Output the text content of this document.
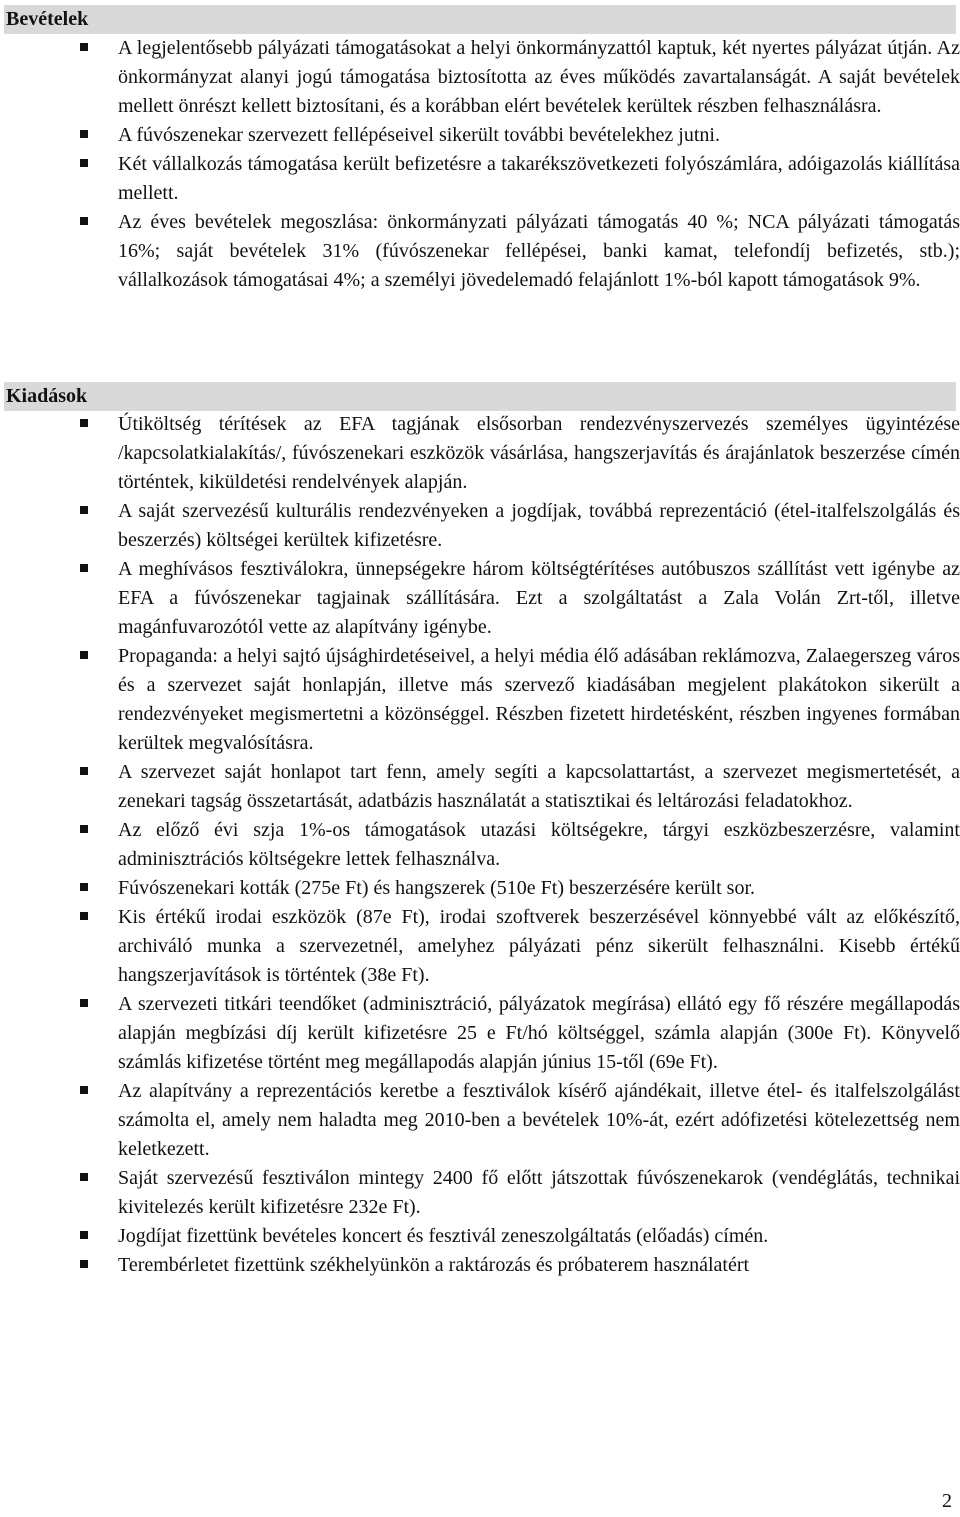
Bevételek
A legjelentősebb pályázati támogatásokat a helyi önkormányzattól kaptuk, két nyertes pályázat útján. Az önkormányzat alanyi jogú támogatása biztosította az éves működés zavartalanságát. A saját bevételek mellett önrészt kellett biztosítani, és a korábban elért bevételek kerültek részben felhasználásra.
A fúvószenekar szervezett fellépéseivel sikerült további bevételekhez jutni.
Két vállalkozás támogatása került befizetésre a takarékszövetkezeti folyószámlára, adóigazolás kiállítása mellett.
Az éves bevételek megoszlása: önkormányzati pályázati támogatás 40 %; NCA pályázati támogatás 16%; saját bevételek 31% (fúvószenekar fellépései, banki kamat, telefondíj befizetés, stb.); vállalkozások támogatásai 4%; a személyi jövedelemadó felajánlott 1%-ból kapott támogatások 9%.
Kiadások
Útiköltség térítések az EFA tagjának elsősorban rendezvényszervezés személyes ügyintézése /kapcsolatkialakítás/, fúvószenekari eszközök vásárlása, hangszerjavítás és árajánlatok beszerzése címén történtek, kiküldetési rendelvények alapján.
A saját szervezésű kulturális rendezvényeken a jogdíjak, továbbá reprezentáció (étel-italfelszolgálás és beszerzés) költségei kerültek kifizetésre.
A meghívásos fesztiválokra, ünnepségekre három költségtérítéses autóbuszos szállítást vett igénybe az EFA a fúvószenekar tagjainak szállítására. Ezt a szolgáltatást a Zala Volán Zrt-től, illetve magánfuvarozótól vette az alapítvány igénybe.
Propaganda: a helyi sajtó újsághirdetéseivel, a helyi média élő adásában reklámozva, Zalaegerszeg város és a szervezet saját honlapján, illetve más szervező kiadásában megjelent plakátokon sikerült a rendezvényeket megismertetni a közönséggel. Részben fizetett hirdetésként, részben ingyenes formában kerültek megvalósításra.
A szervezet saját honlapot tart fenn, amely segíti a kapcsolattartást, a szervezet megismertetését, a zenekari tagság összetartását, adatbázis használatát a statisztikai és leltározási feladatokhoz.
Az előző évi szja 1%-os támogatások utazási költségekre, tárgyi eszközbeszerzésre, valamint adminisztrációs költségekre lettek felhasználva.
Fúvószenekari kották (275e Ft) és hangszerek (510e Ft) beszerzésére került sor.
Kis értékű irodai eszközök (87e Ft), irodai szoftverek beszerzésével könnyebbé vált az előkészítő, archiváló munka a szervezetnél, amelyhez pályázati pénz sikerült felhasználni. Kisebb értékű hangszerjavítások is történtek (38e Ft).
A szervezeti titkári teendőket (adminisztráció, pályázatok megírása) ellátó egy fő részére megállapodás alapján megbízási díj került kifizetésre 25 e Ft/hó költséggel, számla alapján (300e Ft). Könyvelő számlás kifizetése történt meg megállapodás alapján június 15-től (69e Ft).
Az alapítvány a reprezentációs keretbe a fesztiválok kísérő ajándékait, illetve étel- és italfelszolgálást számolta el, amely nem haladta meg 2010-ben a bevételek 10%-át, ezért adófizetési kötelezettség nem keletkezett.
Saját szervezésű fesztiválon mintegy 2400 fő előtt játszottak fúvószenekarok (vendéglátás, technikai kivitelezés került kifizetésre 232e Ft).
Jogdíjat fizettünk bevételes koncert és fesztivál zeneszolgáltatás (előadás) címén.
Terembérletet fizettünk székhelyünkön a raktározás és próbaterem használatért
2
